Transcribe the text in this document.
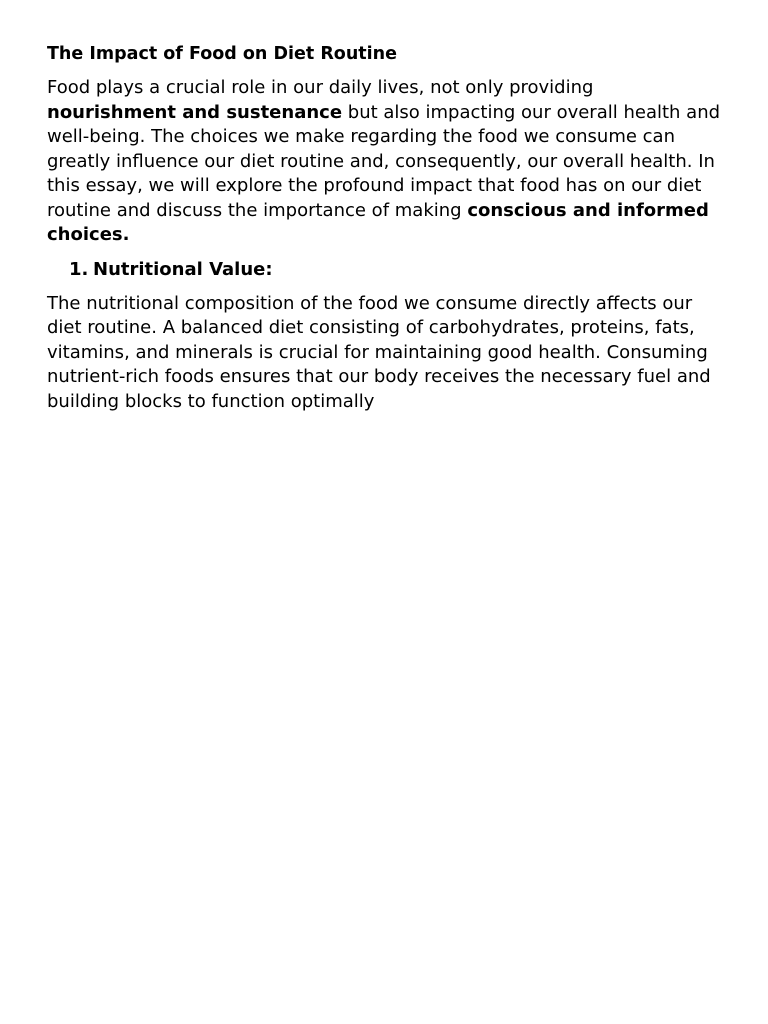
The Impact of Food on Diet Routine

Food plays a crucial role in our daily lives, not only providing nourishment and sustenance but also impacting our overall health and well-being. The choices we make regarding the food we consume can greatly influence our diet routine and, consequently, our overall health. In this essay, we will explore the profound impact that food has on our diet routine and discuss the importance of making conscious and informed choices.

1. Nutritional Value:

The nutritional composition of the food we consume directly affects our diet routine. A balanced diet consisting of carbohydrates, proteins, fats, vitamins, and minerals is crucial for maintaining good health. Consuming nutrient-rich foods ensures that our body receives the necessary fuel and building blocks to function optimally
